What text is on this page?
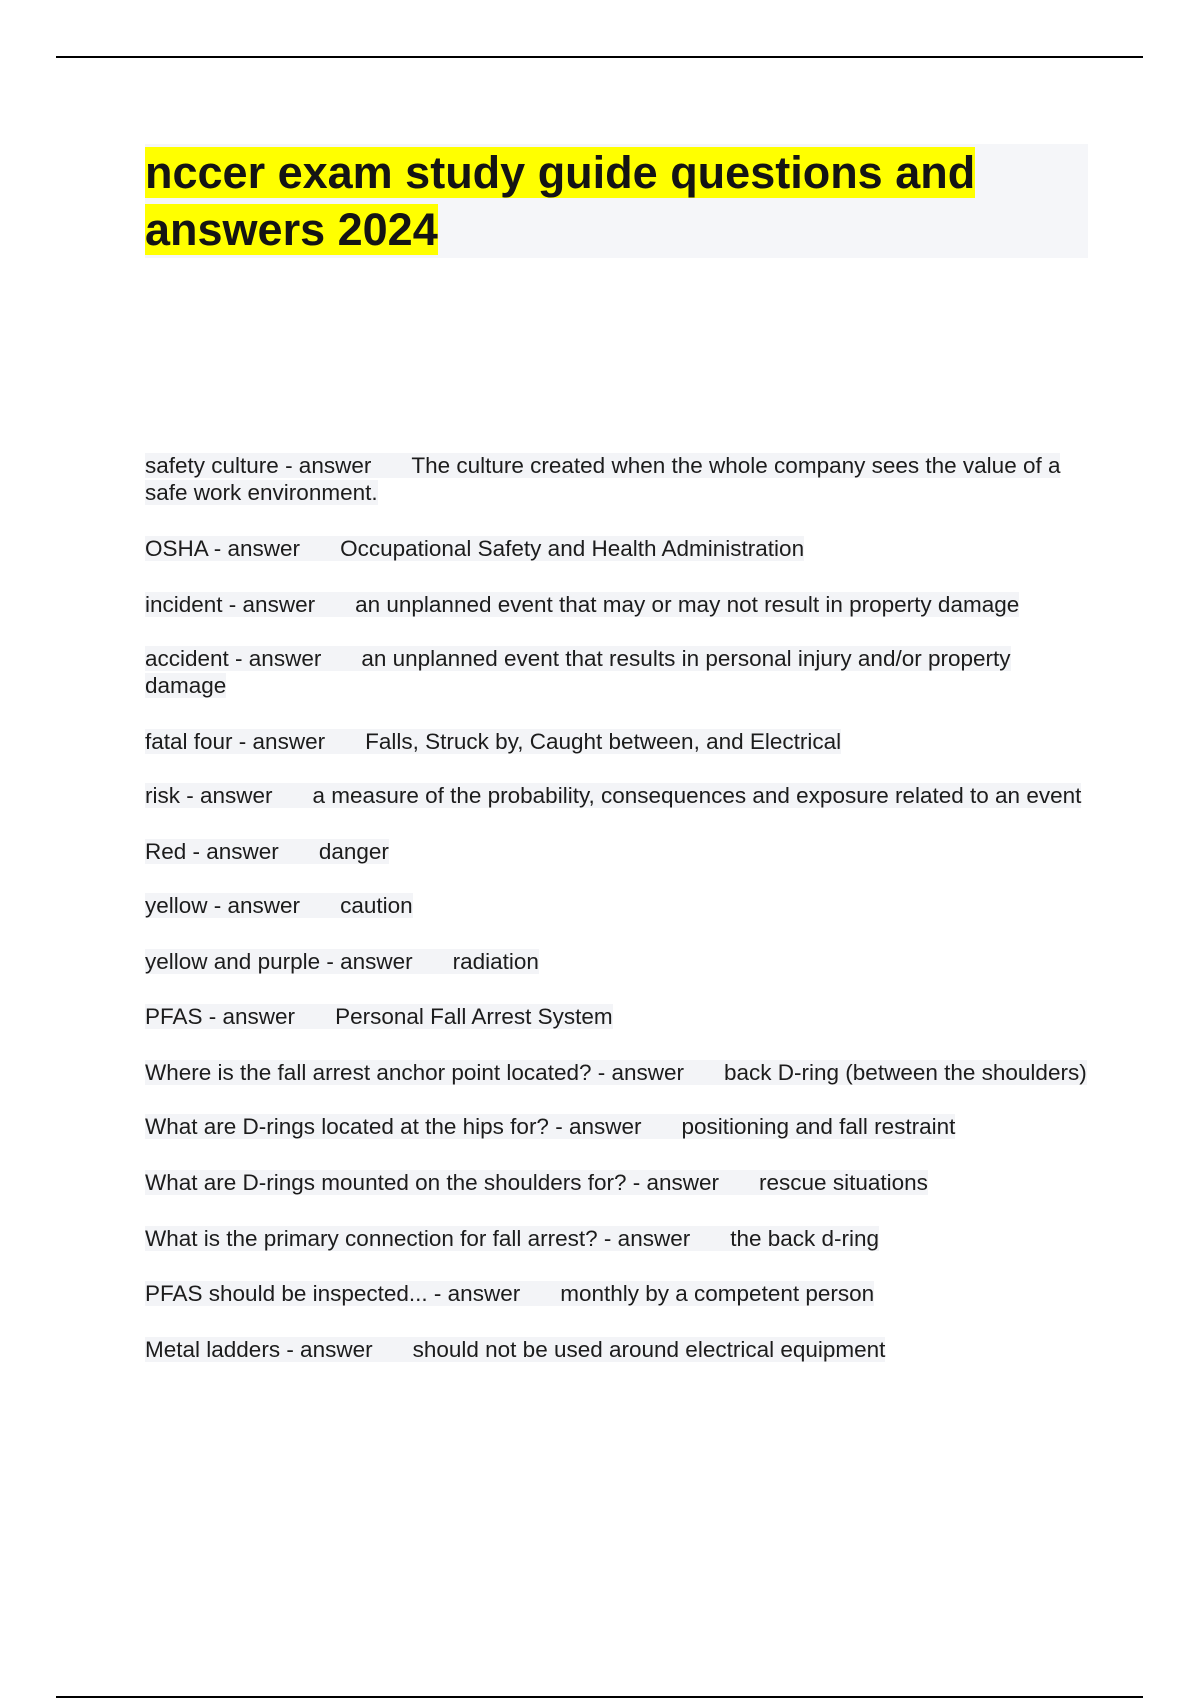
nccer exam study guide questions and answers 2024

safety culture - answer The culture created when the whole company sees the value of a safe work environment.

OSHA - answer Occupational Safety and Health Administration

incident - answer an unplanned event that may or may not result in property damage

accident - answer an unplanned event that results in personal injury and/or property damage

fatal four - answer Falls, Struck by, Caught between, and Electrical

risk - answer a measure of the probability, consequences and exposure related to an event

Red - answer danger

yellow - answer caution

yellow and purple - answer radiation

PFAS - answer Personal Fall Arrest System

Where is the fall arrest anchor point located? - answer back D-ring (between the shoulders)

What are D-rings located at the hips for? - answer positioning and fall restraint

What are D-rings mounted on the shoulders for? - answer rescue situations

What is the primary connection for fall arrest? - answer the back d-ring

PFAS should be inspected... - answer monthly by a competent person

Metal ladders - answer should not be used around electrical equipment
